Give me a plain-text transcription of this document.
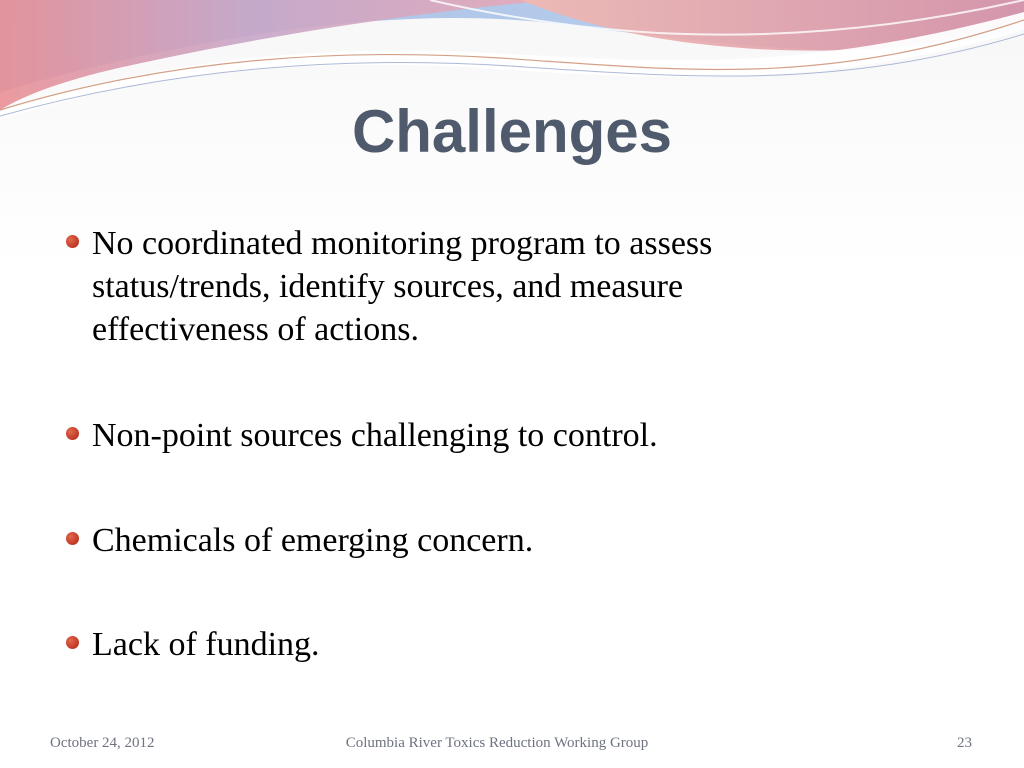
Challenges
No coordinated monitoring program to assess status/trends, identify sources, and measure effectiveness of actions.
Non-point sources challenging to control.
Chemicals of emerging concern.
Lack of funding.
October 24, 2012	Columbia River Toxics Reduction Working Group	23
